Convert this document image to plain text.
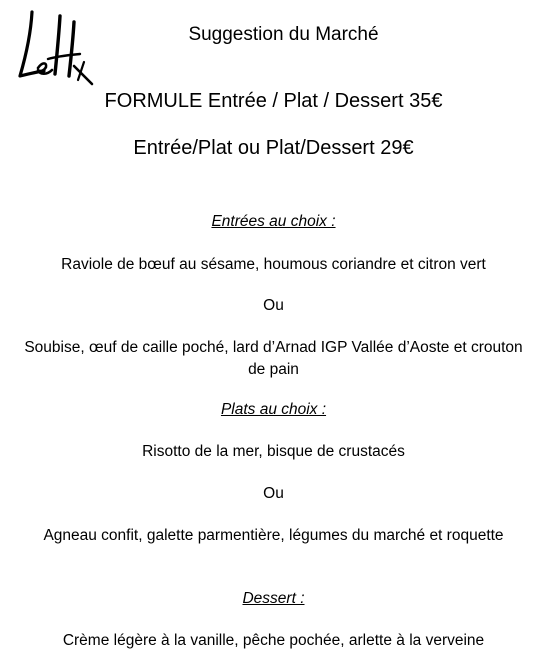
Suggestion du Marché
FORMULE Entrée / Plat / Dessert 35€
Entrée/Plat ou Plat/Dessert 29€
Entrées au choix :
Raviole de bœuf au sésame, houmous coriandre et citron vert
Ou
Soubise, œuf de caille poché, lard d’Arnad IGP Vallée d’Aoste et crouton de pain
Plats au choix :
Risotto de la mer, bisque de crustacés
Ou
Agneau confit, galette parmentière, légumes du marché et roquette
Dessert :
Crème légère à la vanille, pêche pochée, arlette à la verveine
